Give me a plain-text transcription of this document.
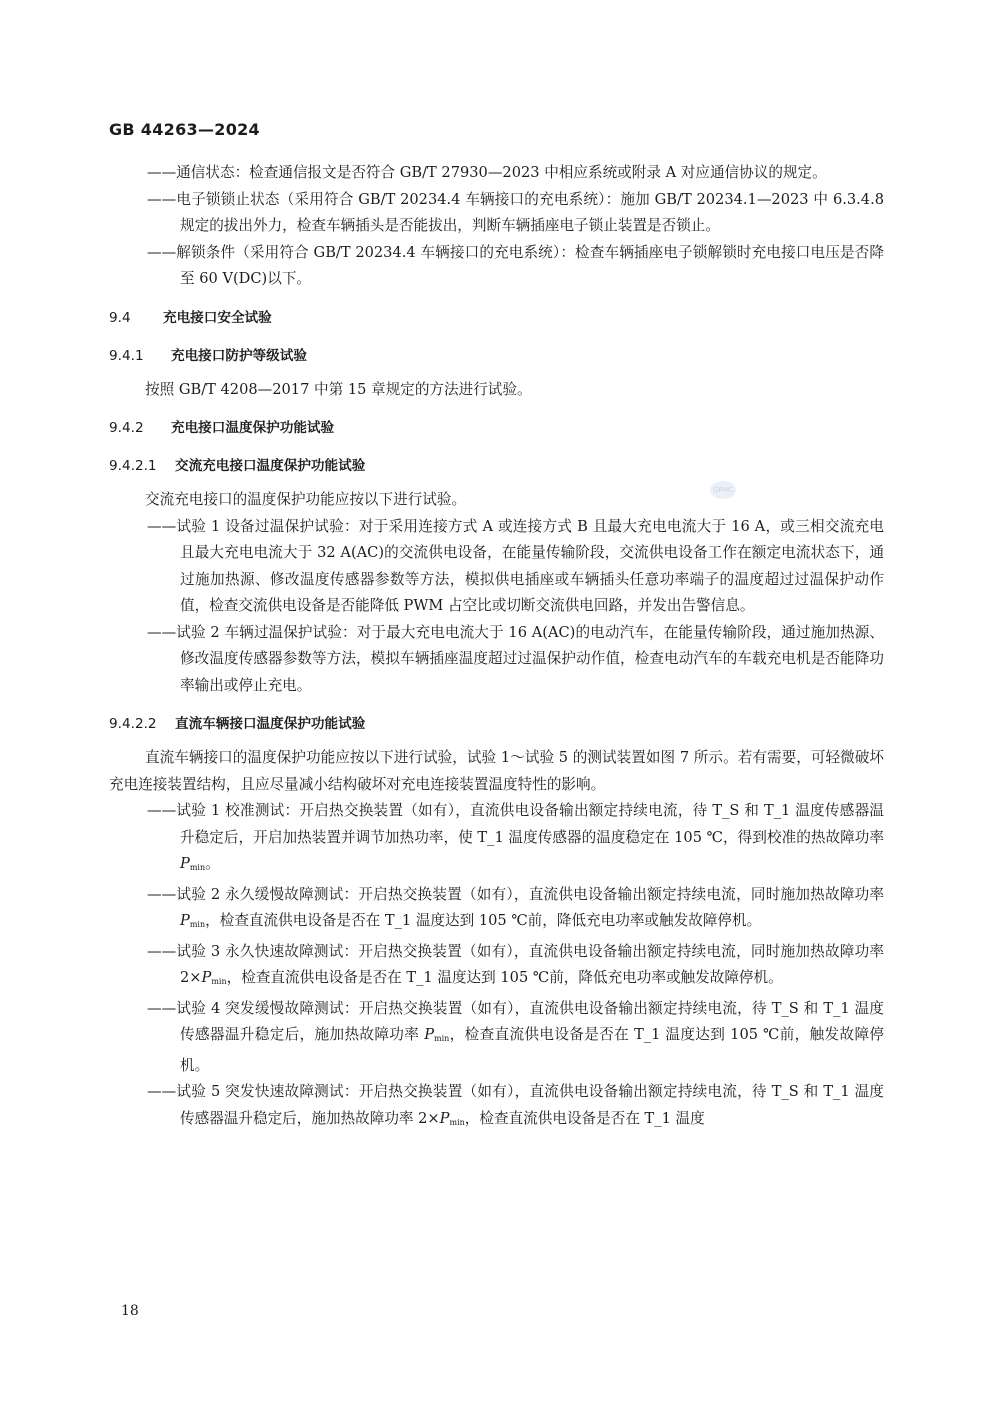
GB 44263—2024

——通信状态：检查通信报文是否符合 GB/T 27930—2023 中相应系统或附录 A 对应通信协议的规定。

——电子锁锁止状态（采用符合 GB/T 20234.4 车辆接口的充电系统）：施加 GB/T 20234.1—2023 中 6.3.4.8 规定的拔出外力，检查车辆插头是否能拔出，判断车辆插座电子锁止装置是否锁止。

——解锁条件（采用符合 GB/T 20234.4 车辆接口的充电系统）：检查车辆插座电子锁解锁时充电接口电压是否降至 60 V(DC)以下。

9.4 充电接口安全试验

9.4.1 充电接口防护等级试验

按照 GB/T 4208—2017 中第 15 章规定的方法进行试验。

9.4.2 充电接口温度保护功能试验

9.4.2.1 交流充电接口温度保护功能试验

交流充电接口的温度保护功能应按以下进行试验。

——试验 1 设备过温保护试验：对于采用连接方式 A 或连接方式 B 且最大充电电流大于 16 A，或三相交流充电且最大充电电流大于 32 A(AC)的交流供电设备，在能量传输阶段，交流供电设备工作在额定电流状态下，通过施加热源、修改温度传感器参数等方法，模拟供电插座或车辆插头任意功率端子的温度超过过温保护动作值，检查交流供电设备是否能降低 PWM 占空比或切断交流供电回路，并发出告警信息。

——试验 2 车辆过温保护试验：对于最大充电电流大于 16 A(AC)的电动汽车，在能量传输阶段，通过施加热源、修改温度传感器参数等方法，模拟车辆插座温度超过过温保护动作值，检查电动汽车的车载充电机是否能降功率输出或停止充电。

9.4.2.2 直流车辆接口温度保护功能试验

直流车辆接口的温度保护功能应按以下进行试验，试验 1～试验 5 的测试装置如图 7 所示。若有需要，可轻微破坏充电连接装置结构，且应尽量减小结构破坏对充电连接装置温度特性的影响。

——试验 1 校准测试：开启热交换装置（如有），直流供电设备输出额定持续电流，待 T_S 和 T_1 温度传感器温升稳定后，开启加热装置并调节加热功率，使 T_1 温度传感器的温度稳定在 105 ℃，得到校准的热故障功率 $P_{min}$。

——试验 2 永久缓慢故障测试：开启热交换装置（如有），直流供电设备输出额定持续电流，同时施加热故障功率 $P_{min}$，检查直流供电设备是否在 T_1 温度达到 105 ℃前，降低充电功率或触发故障停机。

——试验 3 永久快速故障测试：开启热交换装置（如有），直流供电设备输出额定持续电流，同时施加热故障功率 $2\times P_{min}$，检查直流供电设备是否在 T_1 温度达到 105 ℃前，降低充电功率或触发故障停机。

——试验 4 突发缓慢故障测试：开启热交换装置（如有），直流供电设备输出额定持续电流，待 T_S 和 T_1 温度传感器温升稳定后，施加热故障功率 $P_{min}$，检查直流供电设备是否在 T_1 温度达到 105 ℃前，触发故障停机。

——试验 5 突发快速故障测试：开启热交换装置（如有），直流供电设备输出额定持续电流，待 T_S 和 T_1 温度传感器温升稳定后，施加热故障功率 $2\times P_{min}$，检查直流供电设备是否在 T_1 温度

GPHC
18
